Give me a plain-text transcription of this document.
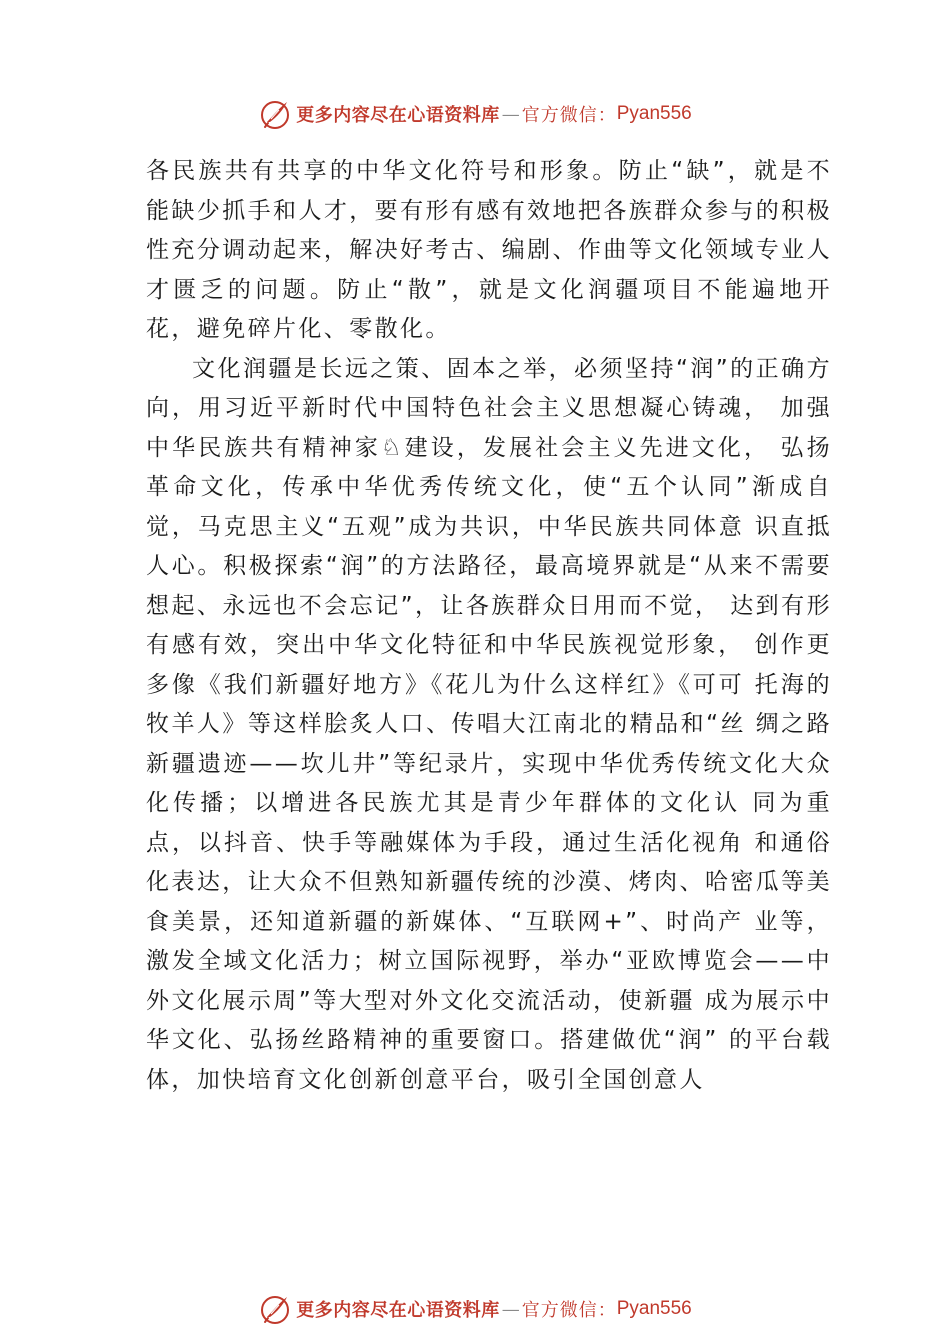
更多内容尽在心语资料库 — 官方微信： Pyan556

各民族共有共享的中华文化符号和形象。防止“缺”，就是不能缺少抓手和人才，要有形有感有效地把各族群众参与的积极性充分调动起来，解决好考古、编剧、作曲等文化领域专业人才匮乏的问题。防止“散”，就是文化润疆项目不能遍地开花，避免碎片化、零散化。

文化润疆是长远之策、固本之举，必须坚持“润”的正确方向，用习近平新时代中国特色社会主义思想凝心铸魂， 加强中华民族共有精神家♘建设，发展社会主义先进文化， 弘扬革命文化，传承中华优秀传统文化，使“五个认同”渐成自觉，马克思主义“五观”成为共识，中华民族共同体意 识直抵人心。积极探索“润”的方法路径，最高境界就是“从来不需要想起、永远也不会忘记”，让各族群众日用而不觉， 达到有形有感有效，突出中华文化特征和中华民族视觉形象， 创作更多像《我们新疆好地方》《花儿为什么这样红》《可可 托海的牧羊人》等这样脍炙人口、传唱大江南北的精品和“丝 绸之路新疆遗迹——坎儿井”等纪录片，实现中华优秀传统文化大众化传播；以增进各民族尤其是青少年群体的文化认 同为重点，以抖音、快手等融媒体为手段，通过生活化视角 和通俗化表达，让大众不但熟知新疆传统的沙漠、烤肉、哈密瓜等美食美景，还知道新疆的新媒体、“互联网+”、时尚产 业等，激发全域文化活力；树立国际视野，举办“亚欧博览会——中外文化展示周”等大型对外文化交流活动，使新疆 成为展示中华文化、弘扬丝路精神的重要窗口。搭建做优“润” 的平台载体，加快培育文化创新创意平台，吸引全国创意人

更多内容尽在心语资料库 — 官方微信： Pyan556
